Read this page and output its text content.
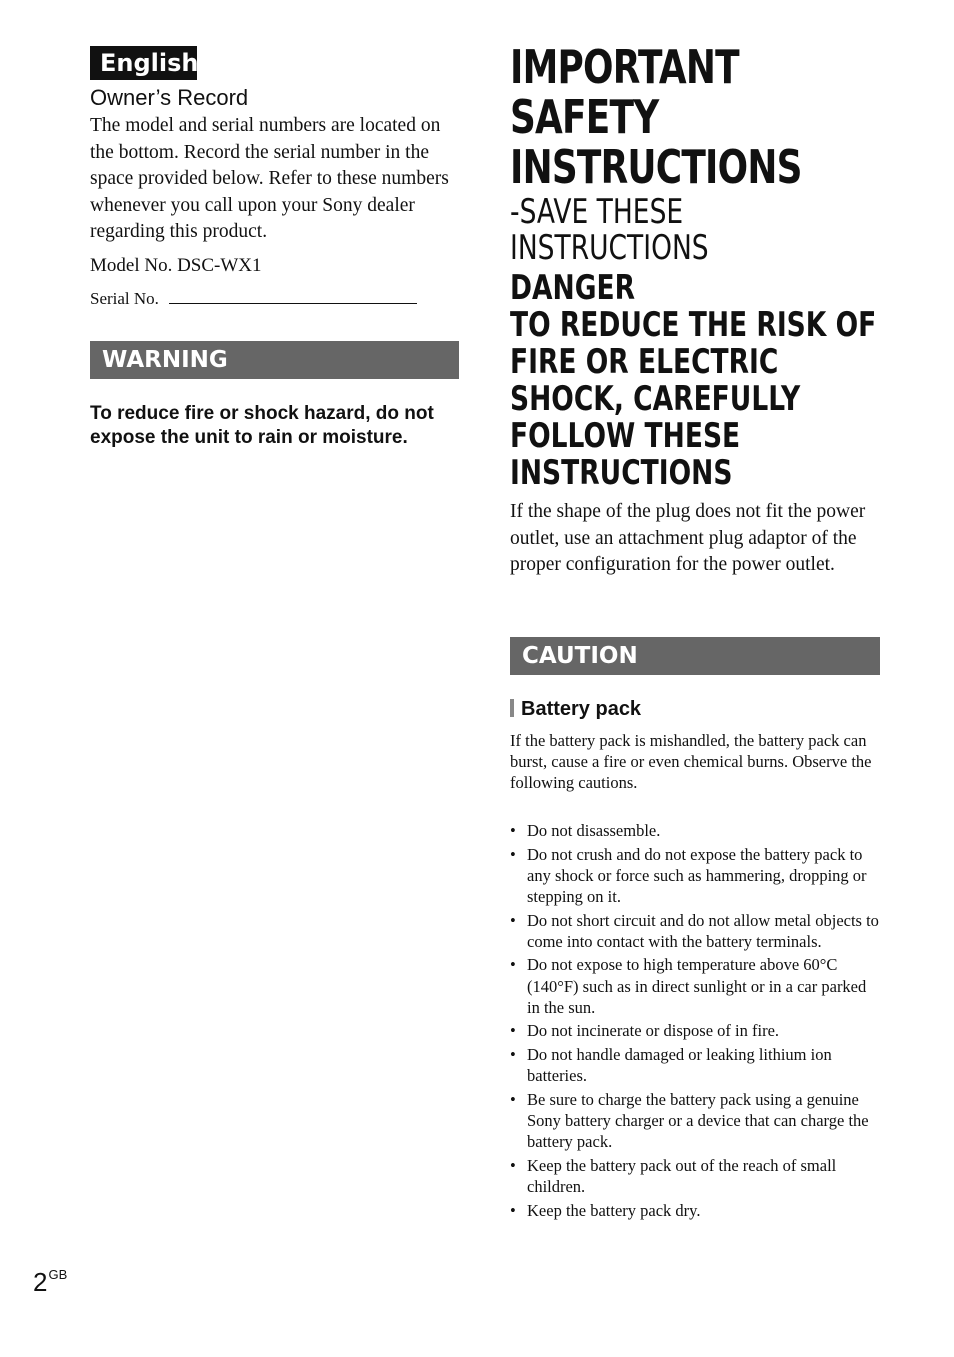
English
Owner’s Record
The model and serial numbers are located on the bottom. Record the serial number in the space provided below. Refer to these numbers whenever you call upon your Sony dealer regarding this product.
Model No. DSC-WX1
Serial No.
WARNING
To reduce fire or shock hazard, do not expose the unit to rain or moisture.
IMPORTANT
SAFETY
INSTRUCTIONS
-SAVE THESE
INSTRUCTIONS
DANGER
TO REDUCE THE RISK OF
FIRE OR ELECTRIC
SHOCK, CAREFULLY
FOLLOW THESE
INSTRUCTIONS
If the shape of the plug does not fit the power outlet, use an attachment plug adaptor of the proper configuration for the power outlet.
CAUTION
Battery pack
If the battery pack is mishandled, the battery pack can burst, cause a fire or even chemical burns. Observe the following cautions.
• Do not disassemble.
• Do not crush and do not expose the battery pack to any shock or force such as hammering, dropping or stepping on it.
• Do not short circuit and do not allow metal objects to come into contact with the battery terminals.
• Do not expose to high temperature above 60°C (140°F) such as in direct sunlight or in a car parked in the sun.
• Do not incinerate or dispose of in fire.
• Do not handle damaged or leaking lithium ion batteries.
• Be sure to charge the battery pack using a genuine Sony battery charger or a device that can charge the battery pack.
• Keep the battery pack out of the reach of small children.
• Keep the battery pack dry.
$2^{GB}$
